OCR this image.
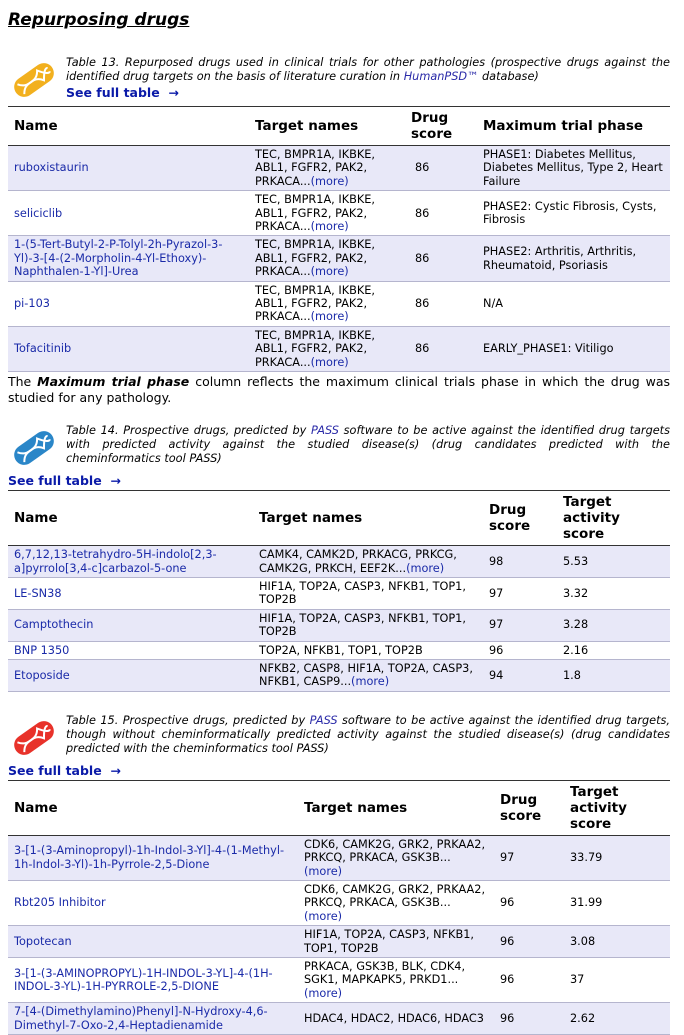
Repurposing drugs
Table 13. Repurposed drugs used in clinical trials for other pathologies (prospective drugs against the identified drug targets on the basis of literature curation in HumanPSD™ database)
See full table →
Name	Target names	Drug score	Maximum trial phase
ruboxistaurin	TEC, BMPR1A, IKBKE, ABL1, FGFR2, PAK2, PRKACA...(more)	86	PHASE1: Diabetes Mellitus, Diabetes Mellitus, Type 2, Heart Failure
seliciclib	TEC, BMPR1A, IKBKE, ABL1, FGFR2, PAK2, PRKACA...(more)	86	PHASE2: Cystic Fibrosis, Cysts, Fibrosis
1-(5-Tert-Butyl-2-P-Tolyl-2h-Pyrazol-3-Yl)-3-[4-(2-Morpholin-4-Yl-Ethoxy)-Naphthalen-1-Yl]-Urea	TEC, BMPR1A, IKBKE, ABL1, FGFR2, PAK2, PRKACA...(more)	86	PHASE2: Arthritis, Arthritis, Rheumatoid, Psoriasis
pi-103	TEC, BMPR1A, IKBKE, ABL1, FGFR2, PAK2, PRKACA...(more)	86	N/A
Tofacitinib	TEC, BMPR1A, IKBKE, ABL1, FGFR2, PAK2, PRKACA...(more)	86	EARLY_PHASE1: Vitiligo

The Maximum trial phase column reflects the maximum clinical trials phase in which the drug was studied for any pathology.

Table 14. Prospective drugs, predicted by PASS software to be active against the identified drug targets with predicted activity against the studied disease(s) (drug candidates predicted with the cheminformatics tool PASS)
See full table →
Name	Target names	Drug score	Target activity score
6,7,12,13-tetrahydro-5H-indolo[2,3-a]pyrrolo[3,4-c]carbazol-5-one	CAMK4, CAMK2D, PRKACG, PRKCG, CAMK2G, PRKCH, EEF2K...(more)	98	5.53
LE-SN38	HIF1A, TOP2A, CASP3, NFKB1, TOP1, TOP2B	97	3.32
Camptothecin	HIF1A, TOP2A, CASP3, NFKB1, TOP1, TOP2B	97	3.28
BNP 1350	TOP2A, NFKB1, TOP1, TOP2B	96	2.16
Etoposide	NFKB2, CASP8, HIF1A, TOP2A, CASP3, NFKB1, CASP9...(more)	94	1.8
Table 15. Prospective drugs, predicted by PASS software to be active against the identified drug targets, though without cheminformatically predicted activity against the studied disease(s) (drug candidates predicted with the cheminformatics tool PASS)
See full table →
Name	Target names	Drug score	Target activity score
3-[1-(3-Aminopropyl)-1h-Indol-3-Yl]-4-(1-Methyl-1h-Indol-3-Yl)-1h-Pyrrole-2,5-Dione	CDK6, CAMK2G, GRK2, PRKAA2, PRKCQ, PRKACA, GSK3B...(more)	97	33.79
Rbt205 Inhibitor	CDK6, CAMK2G, GRK2, PRKAA2, PRKCQ, PRKACA, GSK3B...(more)	96	31.99
Topotecan	HIF1A, TOP2A, CASP3, NFKB1, TOP1, TOP2B	96	3.08
3-[1-(3-AMINOPROPYL)-1H-INDOL-3-YL]-4-(1H-INDOL-3-YL)-1H-PYRROLE-2,5-DIONE	PRKACA, GSK3B, BLK, CDK4, SGK1, MAPKAPK5, PRKD1...(more)	96	37
7-[4-(Dimethylamino)Phenyl]-N-Hydroxy-4,6-Dimethyl-7-Oxo-2,4-Heptadienamide	HDAC4, HDAC2, HDAC6, HDAC3	96	2.62
